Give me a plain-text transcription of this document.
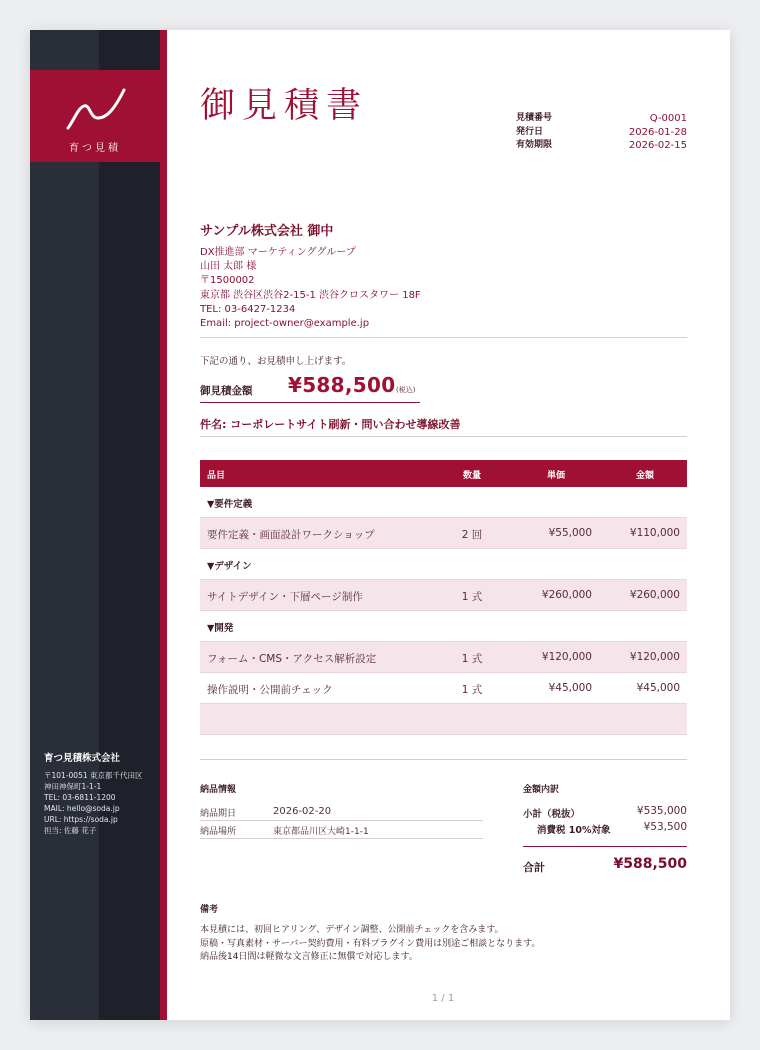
育つ見積
育つ見積株式会社
〒101-0051 東京都千代田区
神田神保町1-1-1
TEL: 03-6811-1200
MAIL: hello@soda.jp
URL: https://soda.jp
担当: 佐藤 花子
御見積書	見積番号	Q-0001
発行日	2026-01-28
有効期限	2026-02-15
サンプル株式会社 御中
DX推進部 マーケティンググループ
山田 太郎 様
〒1500002
東京都 渋谷区渋谷2-15-1 渋谷クロスタワー 18F
TEL: 03-6427-1234
Email: project-owner@example.jp
下記の通り、お見積申し上げます。
御見積金額 ¥588,500 (税込)
件名: コーポレートサイト刷新・問い合わせ導線改善
品目	数量	単価	金額
▼要件定義
要件定義・画面設計ワークショップ	2 回	¥55,000	¥110,000
▼デザイン
サイトデザイン・下層ページ制作	1 式	¥260,000	¥260,000
▼開発
フォーム・CMS・アクセス解析設定	1 式	¥120,000	¥120,000
操作説明・公開前チェック	1 式	¥45,000	¥45,000
納品情報
納品期日	2026-02-20
納品場所	東京都品川区大崎1-1-1
金額内訳
小計（税抜）	¥535,000
消費税 10%対象	¥53,500
合計	¥588,500
備考
本見積には、初回ヒアリング、デザイン調整、公開前チェックを含みます。
原稿・写真素材・サーバー契約費用・有料プラグイン費用は別途ご相談となります。
納品後14日間は軽微な文言修正に無償で対応します。
1 / 1
